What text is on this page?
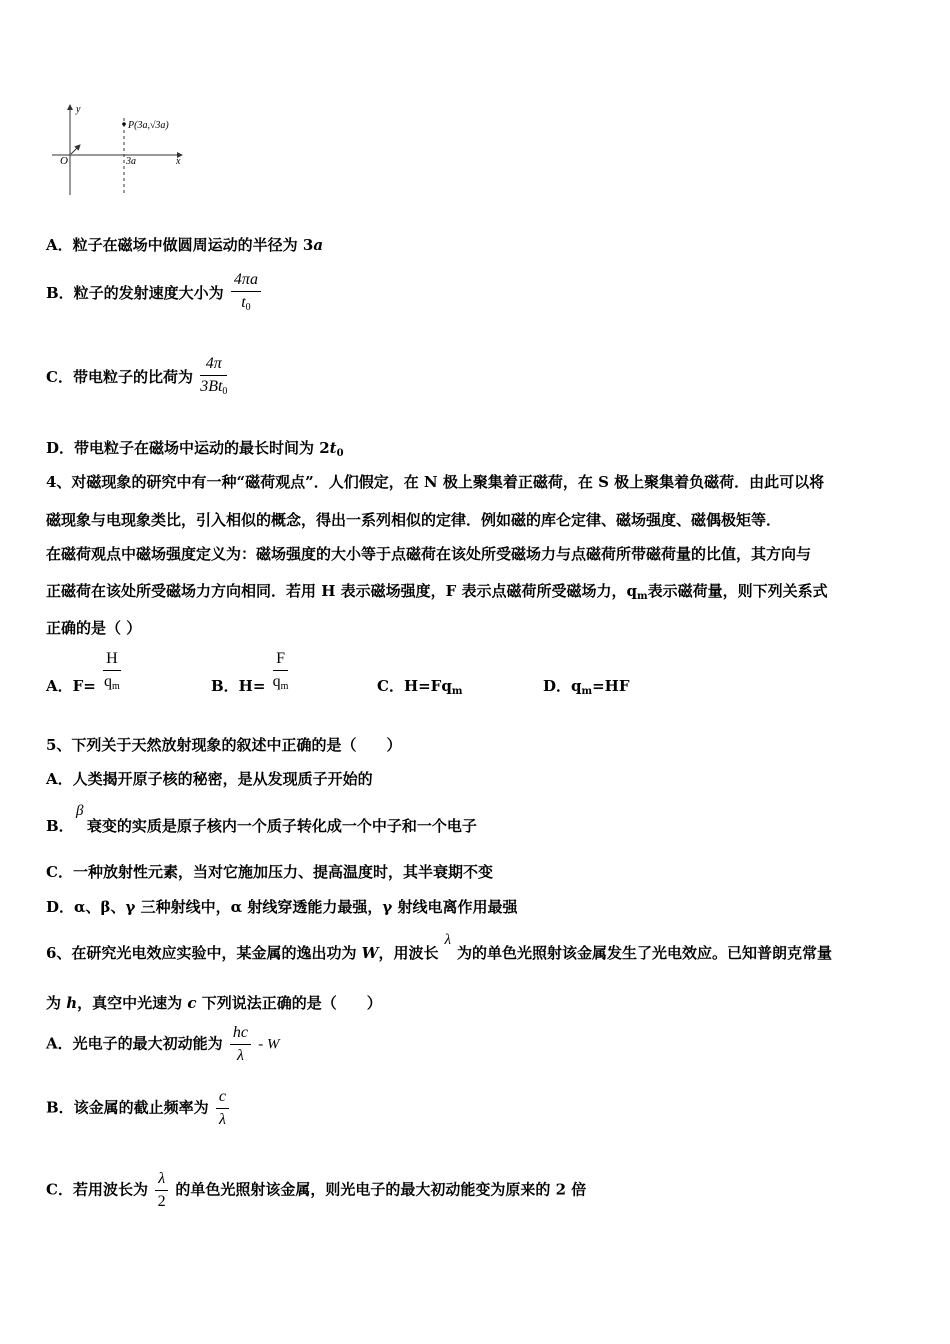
y
x
O
P(3a,√3a)
3a
A．粒子在磁场中做圆周运动的半径为 3a
B．粒子的发射速度大小为 $\frac{4\pi a}{t_0}$
C．带电粒子的比荷为 $\frac{4\pi}{3Bt_0}$
D．带电粒子在磁场中运动的最长时间为 $2t_0$
4、对磁现象的研究中有一种“磁荷观点”．人们假定，在 N 极上聚集着正磁荷，在 S 极上聚集着负磁荷．由此可以将
磁现象与电现象类比，引入相似的概念，得出一系列相似的定律．例如磁的库仑定律、磁场强度、磁偶极矩等．
在磁荷观点中磁场强度定义为：磁场强度的大小等于点磁荷在该处所受磁场力与点磁荷所带磁荷量的比值，其方向与
正磁荷在该处所受磁场力方向相同．若用 H 表示磁场强度，F 表示点磁荷所受磁场力，$q_m$表示磁荷量，则下列关系式
正确的是（ ）
A．$F= \frac{H}{q_m}$	B．$H= \frac{F}{q_m}$	C．$H=Fq_m$	D．$q_m=HF$
5、下列关于天然放射现象的叙述中正确的是（　　）
A．人类揭开原子核的秘密，是从发现质子开始的
B．
β
衰变的实质是原子核内一个质子转化成一个中子和一个电子
C．一种放射性元素，当对它施加压力、提高温度时，其半衰期不变
D．α、β、γ 三种射线中，α 射线穿透能力最强，γ 射线电离作用最强
6、在研究光电效应实验中，某金属的逸出功为 W，用波长λ为的单色光照射该金属发生了光电效应。已知普朗克常量
为 h，真空中光速为 c 下列说法正确的是（　　）
A．光电子的最大初动能为 $\frac{hc}{\lambda}$ - W
B．该金属的截止频率为 $\frac{c}{\lambda}$
C．若用波长为 $\frac{\lambda}{2}$ 的单色光照射该金属，则光电子的最大初动能变为原来的 2 倍
